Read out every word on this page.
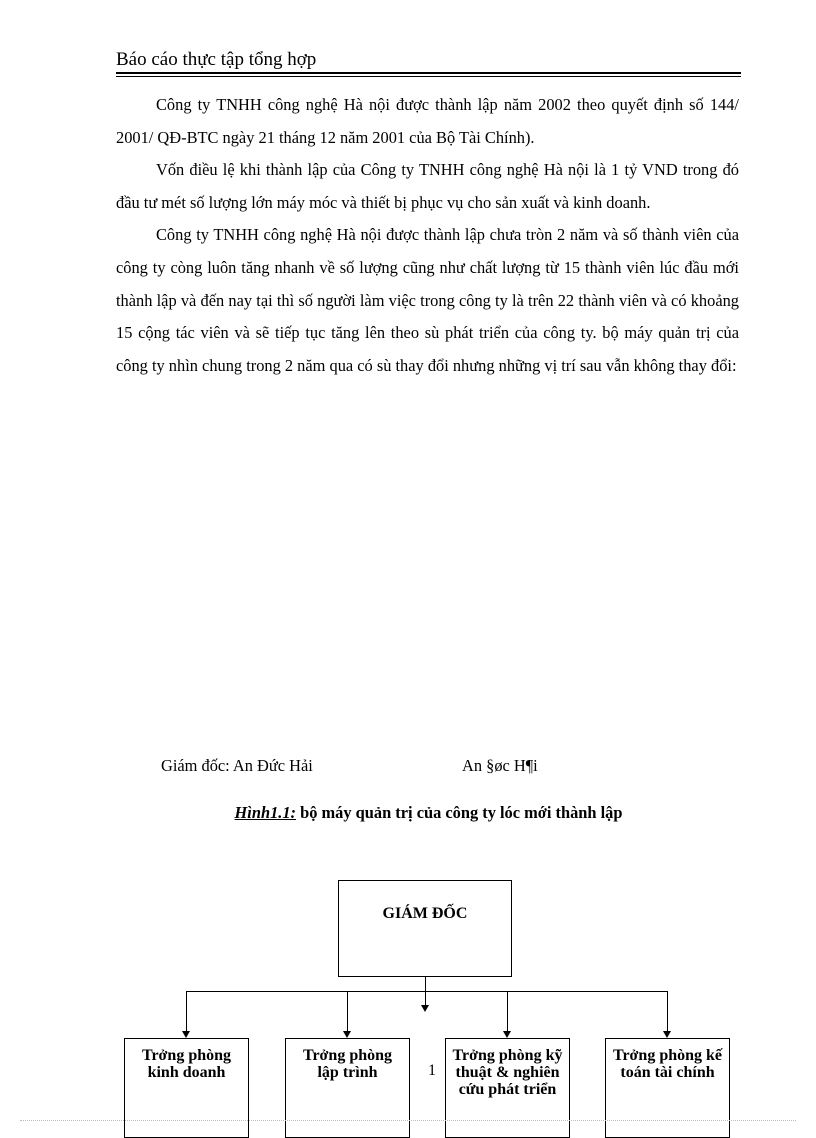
Báo cáo thực tập tổng hợp

Công ty TNHH công nghệ Hà nội được thành lập năm 2002 theo quyết định số 144/ 2001/ QĐ-BTC ngày 21 tháng 12 năm 2001 của Bộ Tài Chính).

Vốn điều lệ khi thành lập của Công ty TNHH công nghệ Hà nội là 1 tỷ VND trong đó đầu tư mét số lượng lớn máy móc và thiết bị phục vụ cho sản xuất và kinh doanh.

Công ty TNHH công nghệ Hà nội được thành lập chưa tròn 2 năm và số thành viên của công ty còng luôn tăng nhanh về số lượng cũng như chất lượng từ 15 thành viên lúc đầu mới thành lập và đến nay tại thì số người làm việc trong công ty là trên 22 thành viên và có khoảng 15 cộng tác viên và sẽ tiếp tục tăng lên theo sù phát triển của công ty. bộ máy quản trị của công ty nhìn chung trong 2 năm qua có sù thay đổi nhưng những vị trí sau vẫn không thay đổi:

Giám đốc: An Đức Hải	An §øc H¶i
Hình1.1: bộ máy quản trị của công ty lóc mới thành lập
GIÁM ĐỐC
Trởng phòng kinh doanh
Trởng phòng lập trình
Trởng phòng kỹ thuật & nghiên cứu phát triển
Trởng phòng kế toán tài chính
1
